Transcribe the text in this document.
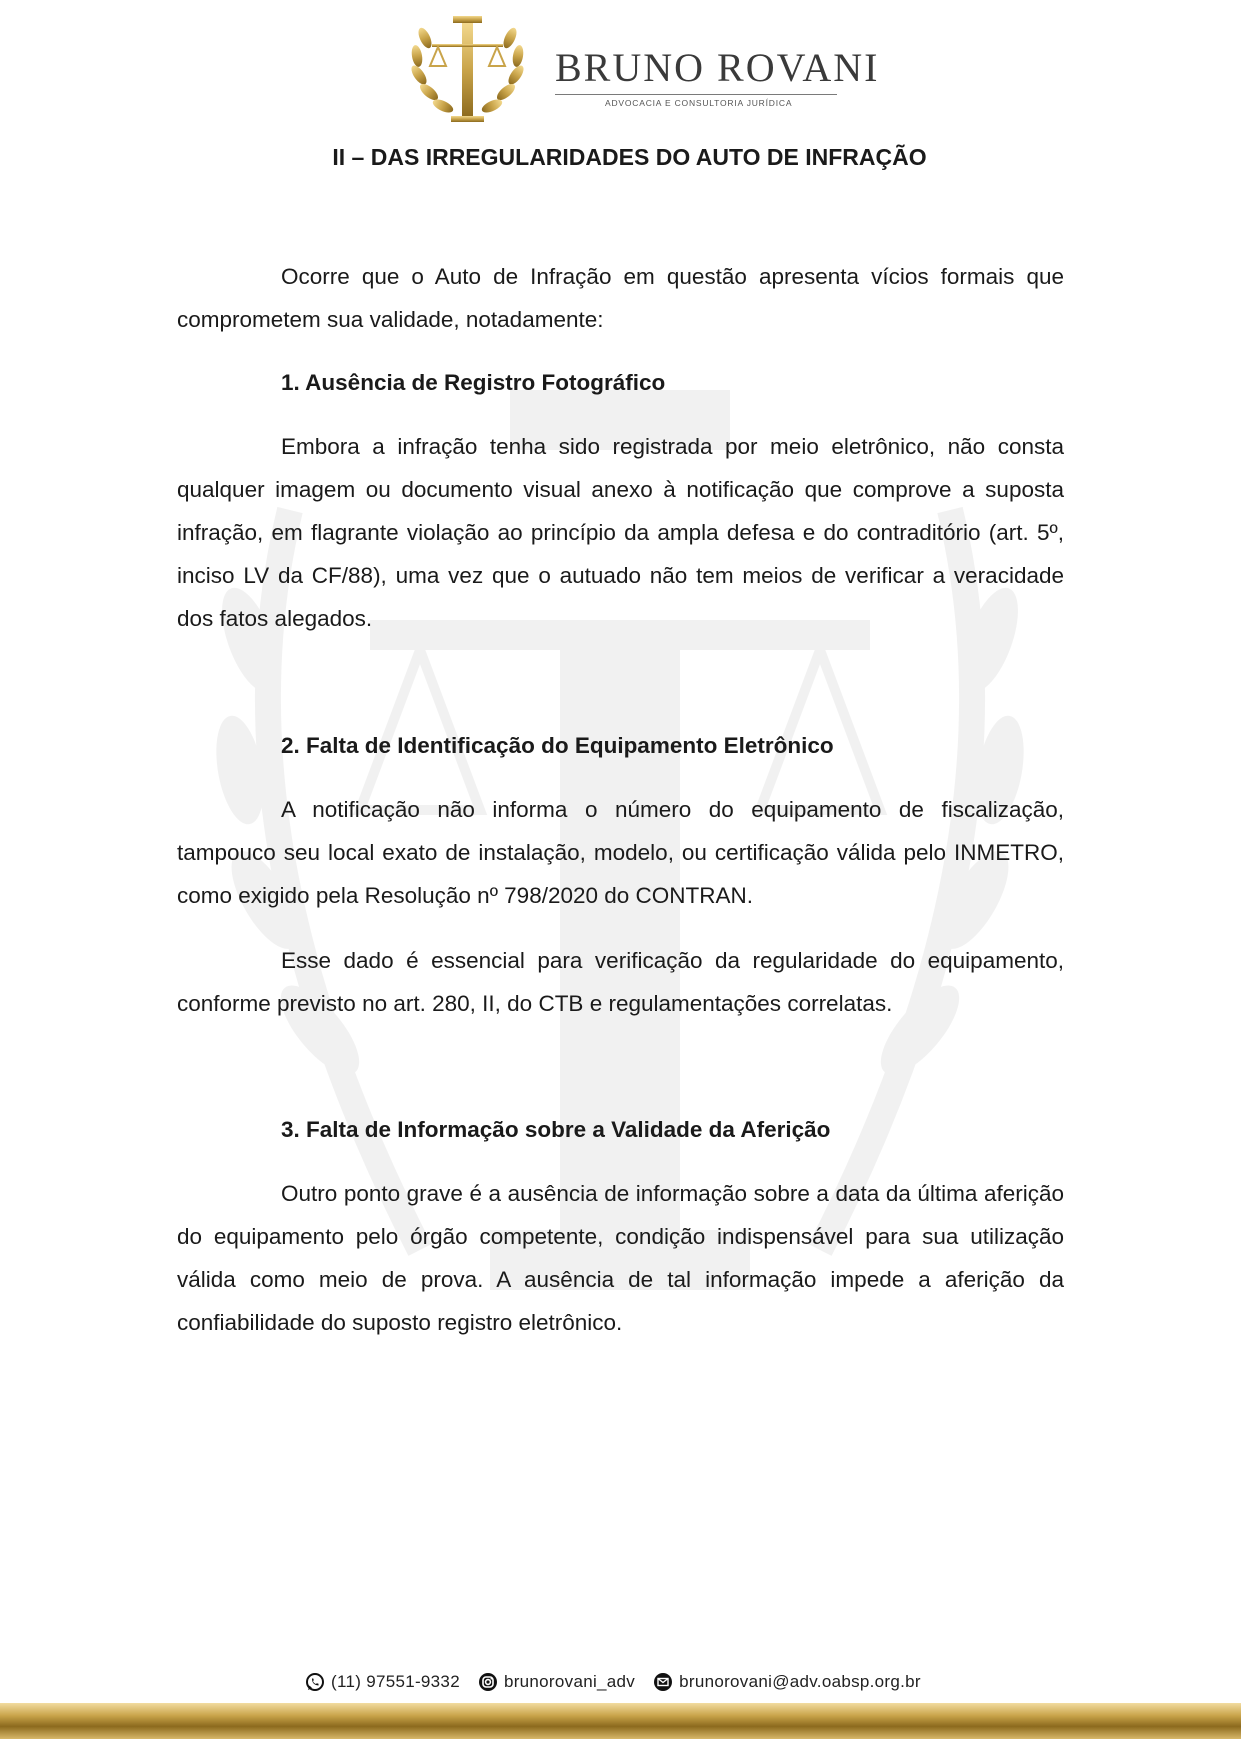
BRUNO ROVANI
ADVOCACIA E CONSULTORIA JURÍDICA
II – DAS IRREGULARIDADES DO AUTO DE INFRAÇÃO

Ocorre que o Auto de Infração em questão apresenta vícios formais que comprometem sua validade, notadamente:

1. Ausência de Registro Fotográfico

Embora a infração tenha sido registrada por meio eletrônico, não consta qualquer imagem ou documento visual anexo à notificação que comprove a suposta infração, em flagrante violação ao princípio da ampla defesa e do contraditório (art. 5º, inciso LV da CF/88), uma vez que o autuado não tem meios de verificar a veracidade dos fatos alegados.

2. Falta de Identificação do Equipamento Eletrônico

A notificação não informa o número do equipamento de fiscalização, tampouco seu local exato de instalação, modelo, ou certificação válida pelo INMETRO, como exigido pela Resolução nº 798/2020 do CONTRAN.

Esse dado é essencial para verificação da regularidade do equipamento, conforme previsto no art. 280, II, do CTB e regulamentações correlatas.

3. Falta de Informação sobre a Validade da Aferição

Outro ponto grave é a ausência de informação sobre a data da última aferição do equipamento pelo órgão competente, condição indispensável para sua utilização válida como meio de prova. A ausência de tal informação impede a aferição da confiabilidade do suposto registro eletrônico.

(11) 97551-9332	brunorovani_adv	brunorovani@adv.oabsp.org.br
